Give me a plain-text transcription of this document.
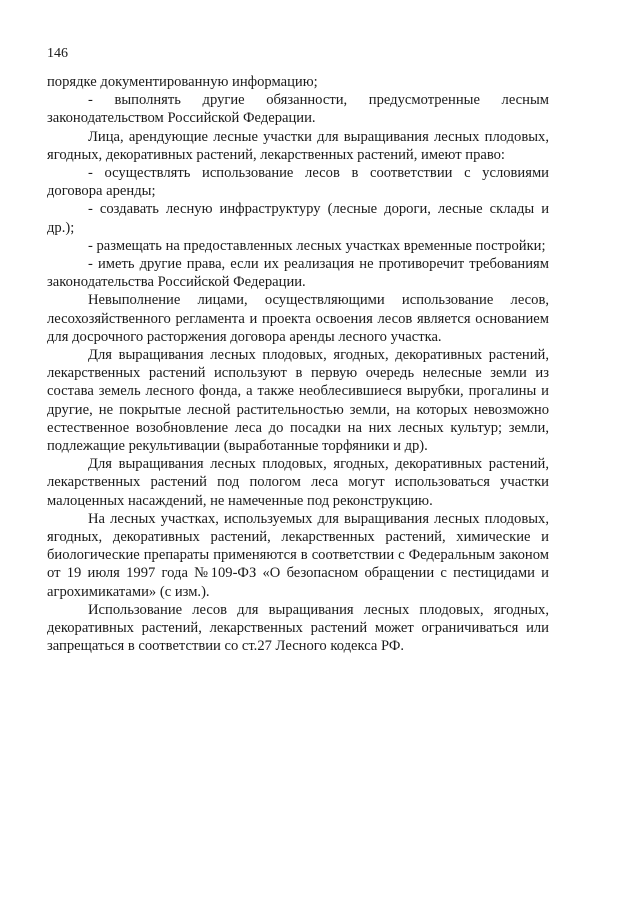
146

порядке документированную информацию;

- выполнять другие обязанности, предусмотренные лесным законодательством Российской Федерации.

Лица, арендующие лесные участки для выращивания лесных плодовых, ягодных, декоративных растений, лекарственных растений, имеют право:

- осуществлять использование лесов в соответствии с условиями договора аренды;

- создавать лесную инфраструктуру (лесные дороги, лесные склады и др.);

- размещать на предоставленных лесных участках временные постройки;

- иметь другие права, если их реализация не противоречит требованиям законодательства Российской Федерации.

Невыполнение лицами, осуществляющими использование лесов, лесохозяйственного регламента и проекта освоения лесов является основанием для досрочного расторжения договора аренды лесного участка.

Для выращивания лесных плодовых, ягодных, декоративных растений, лекарственных растений используют в первую очередь нелесные земли из состава земель лесного фонда, а также необлесившиеся вырубки, прогалины и другие, не покрытые лесной растительностью земли, на которых невозможно естественное возобновление леса до посадки на них лесных культур; земли, подлежащие рекультивации (выработанные торфяники и др).

Для выращивания лесных плодовых, ягодных, декоративных растений, лекарственных растений под пологом леса могут использоваться участки малоценных насаждений, не намеченные под реконструкцию.

На лесных участках, используемых для выращивания лесных плодовых, ягодных, декоративных растений, лекарственных растений, химические и биологические препараты применяются в соответствии с Федеральным законом от 19 июля 1997 года №109-ФЗ «О безопасном обращении с пестицидами и агрохимикатами» (с изм.).

Использование лесов для выращивания лесных плодовых, ягодных, декоративных растений, лекарственных растений может ограничиваться или запрещаться в соответствии со ст.27 Лесного кодекса РФ.
